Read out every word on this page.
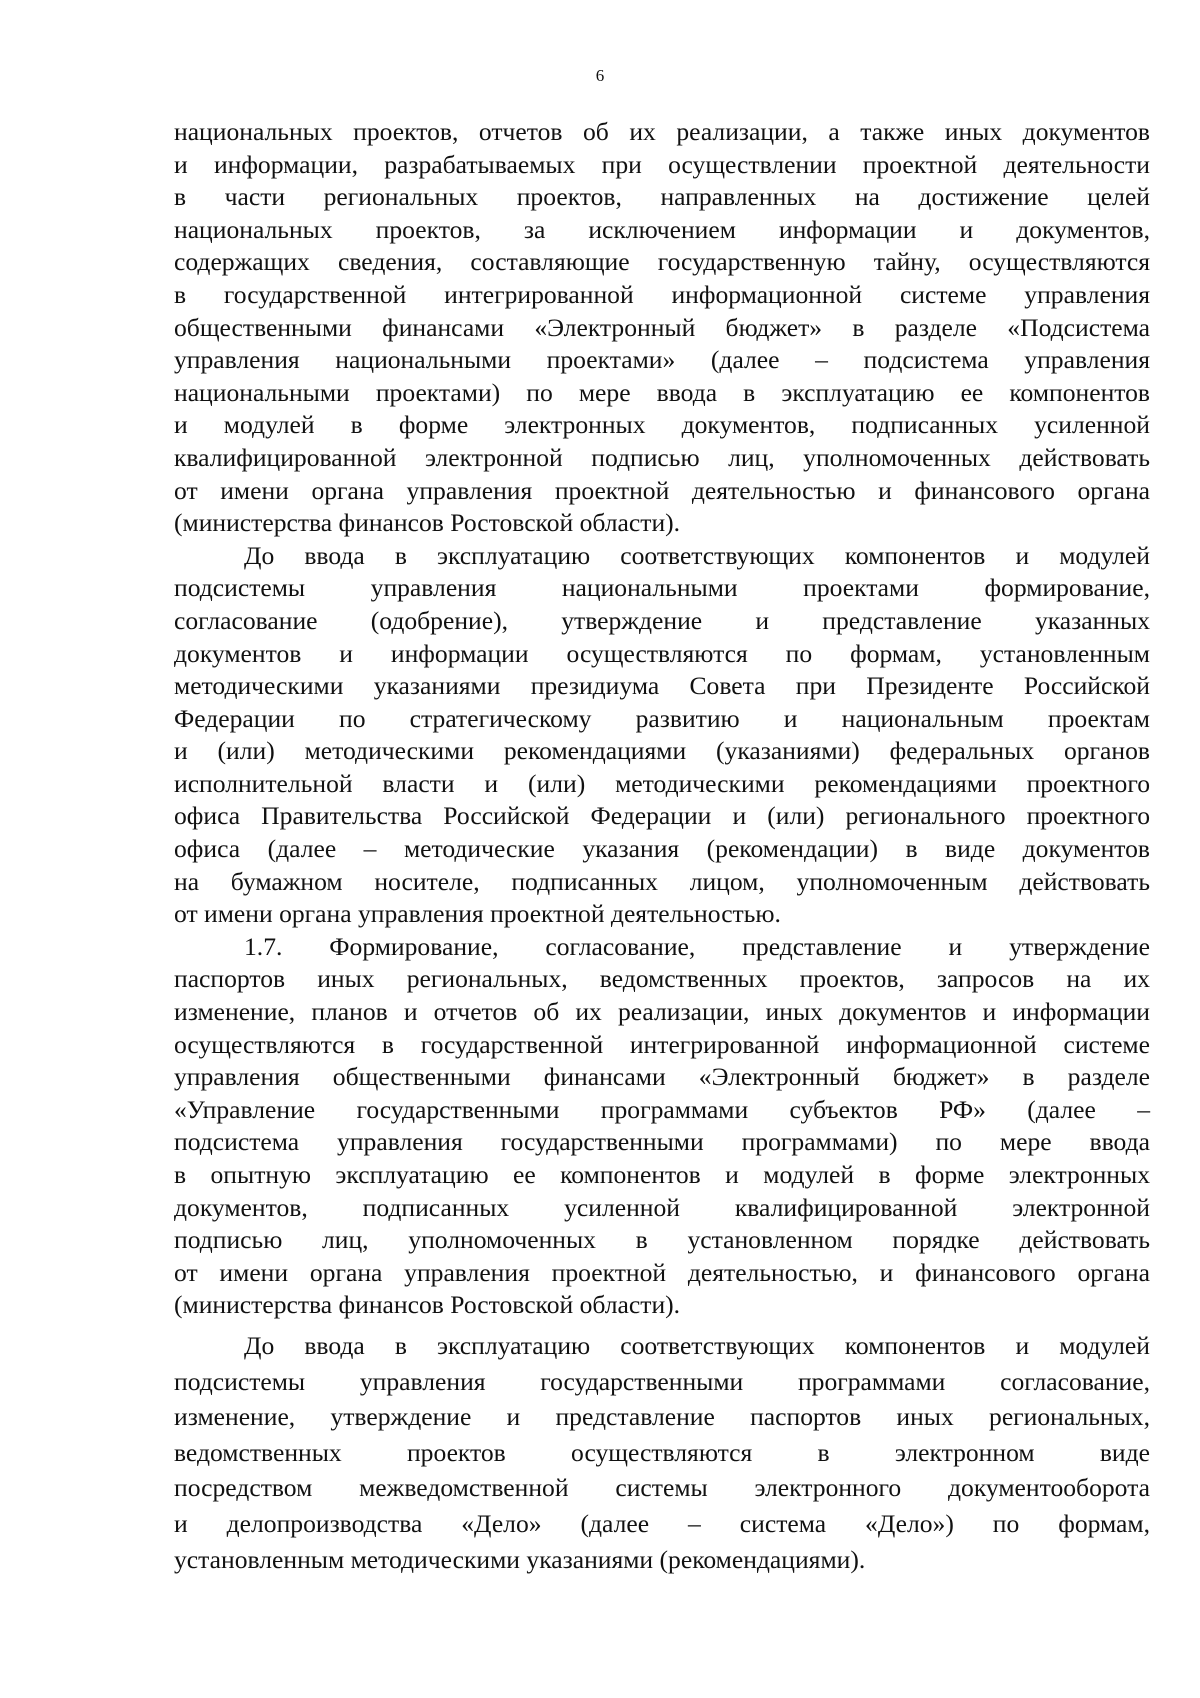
6
национальных проектов, отчетов об их реализации, а также иных документов
и информации, разрабатываемых при осуществлении проектной деятельности
в части региональных проектов, направленных на достижение целей
национальных проектов, за исключением информации и документов,
содержащих сведения, составляющие государственную тайну, осуществляются
в государственной интегрированной информационной системе управления
общественными финансами «Электронный бюджет» в разделе «Подсистема
управления национальными проектами» (далее – подсистема управления
национальными проектами) по мере ввода в эксплуатацию ее компонентов
и модулей в форме электронных документов, подписанных усиленной
квалифицированной электронной подписью лиц, уполномоченных действовать
от имени органа управления проектной деятельностью и финансового органа
(министерства финансов Ростовской области).
До ввода в эксплуатацию соответствующих компонентов и модулей
подсистемы управления национальными проектами формирование,
согласование (одобрение), утверждение и представление указанных
документов и информации осуществляются по формам, установленным
методическими указаниями президиума Совета при Президенте Российской
Федерации по стратегическому развитию и национальным проектам
и (или) методическими рекомендациями (указаниями) федеральных органов
исполнительной власти и (или) методическими рекомендациями проектного
офиса Правительства Российской Федерации и (или) регионального проектного
офиса (далее – методические указания (рекомендации) в виде документов
на бумажном носителе, подписанных лицом, уполномоченным действовать
от имени органа управления проектной деятельностью.
1.7. Формирование, согласование, представление и утверждение
паспортов иных региональных, ведомственных проектов, запросов на их
изменение, планов и отчетов об их реализации, иных документов и информации
осуществляются в государственной интегрированной информационной системе
управления общественными финансами «Электронный бюджет» в разделе
«Управление государственными программами субъектов РФ» (далее –
подсистема управления государственными программами) по мере ввода
в опытную эксплуатацию ее компонентов и модулей в форме электронных
документов, подписанных усиленной квалифицированной электронной
подписью лиц, уполномоченных в установленном порядке действовать
от имени органа управления проектной деятельностью, и финансового органа
(министерства финансов Ростовской области).
До ввода в эксплуатацию соответствующих компонентов и модулей
подсистемы управления государственными программами согласование,
изменение, утверждение и представление паспортов иных региональных,
ведомственных проектов осуществляются в электронном виде
посредством межведомственной системы электронного документооборота
и делопроизводства «Дело» (далее – система «Дело») по формам,
установленным методическими указаниями (рекомендациями).
